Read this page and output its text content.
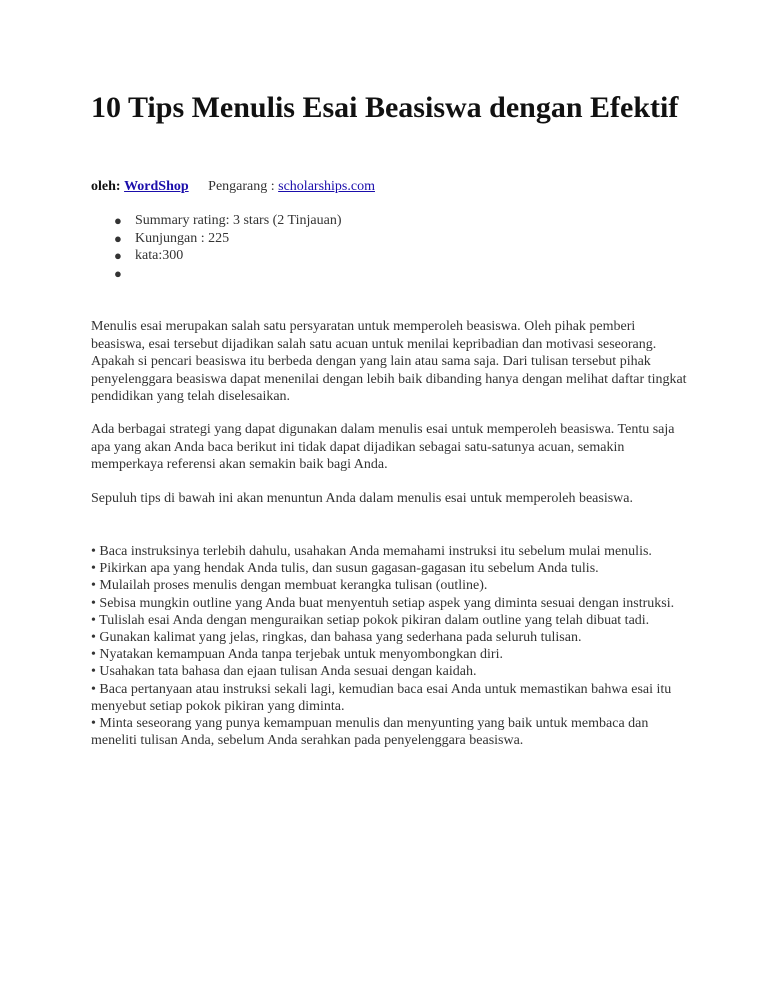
10 Tips Menulis Esai Beasiswa dengan Efektif
oleh: WordShop Pengarang : scholarships.com
● Summary rating: 3 stars (2 Tinjauan)
● Kunjungan : 225
● kata:300
●

Menulis esai merupakan salah satu persyaratan untuk memperoleh beasiswa. Oleh pihak pemberi beasiswa, esai tersebut dijadikan salah satu acuan untuk menilai kepribadian dan motivasi seseorang. Apakah si pencari beasiswa itu berbeda dengan yang lain atau sama saja. Dari tulisan tersebut pihak penyelenggara beasiswa dapat menenilai dengan lebih baik dibanding hanya dengan melihat daftar tingkat pendidikan yang telah diselesaikan.

Ada berbagai strategi yang dapat digunakan dalam menulis esai untuk memperoleh beasiswa. Tentu saja apa yang akan Anda baca berikut ini tidak dapat dijadikan sebagai satu-satunya acuan, semakin memperkaya referensi akan semakin baik bagi Anda.

Sepuluh tips di bawah ini akan menuntun Anda dalam menulis esai untuk memperoleh beasiswa.

• Baca instruksinya terlebih dahulu, usahakan Anda memahami instruksi itu sebelum mulai menulis.
• Pikirkan apa yang hendak Anda tulis, dan susun gagasan-gagasan itu sebelum Anda tulis.
• Mulailah proses menulis dengan membuat kerangka tulisan (outline).
• Sebisa mungkin outline yang Anda buat menyentuh setiap aspek yang diminta sesuai dengan instruksi.
• Tulislah esai Anda dengan menguraikan setiap pokok pikiran dalam outline yang telah dibuat tadi.
• Gunakan kalimat yang jelas, ringkas, dan bahasa yang sederhana pada seluruh tulisan.
• Nyatakan kemampuan Anda tanpa terjebak untuk menyombongkan diri.
• Usahakan tata bahasa dan ejaan tulisan Anda sesuai dengan kaidah.
• Baca pertanyaan atau instruksi sekali lagi, kemudian baca esai Anda untuk memastikan bahwa esai itu menyebut setiap pokok pikiran yang diminta.
• Minta seseorang yang punya kemampuan menulis dan menyunting yang baik untuk membaca dan meneliti tulisan Anda, sebelum Anda serahkan pada penyelenggara beasiswa.
